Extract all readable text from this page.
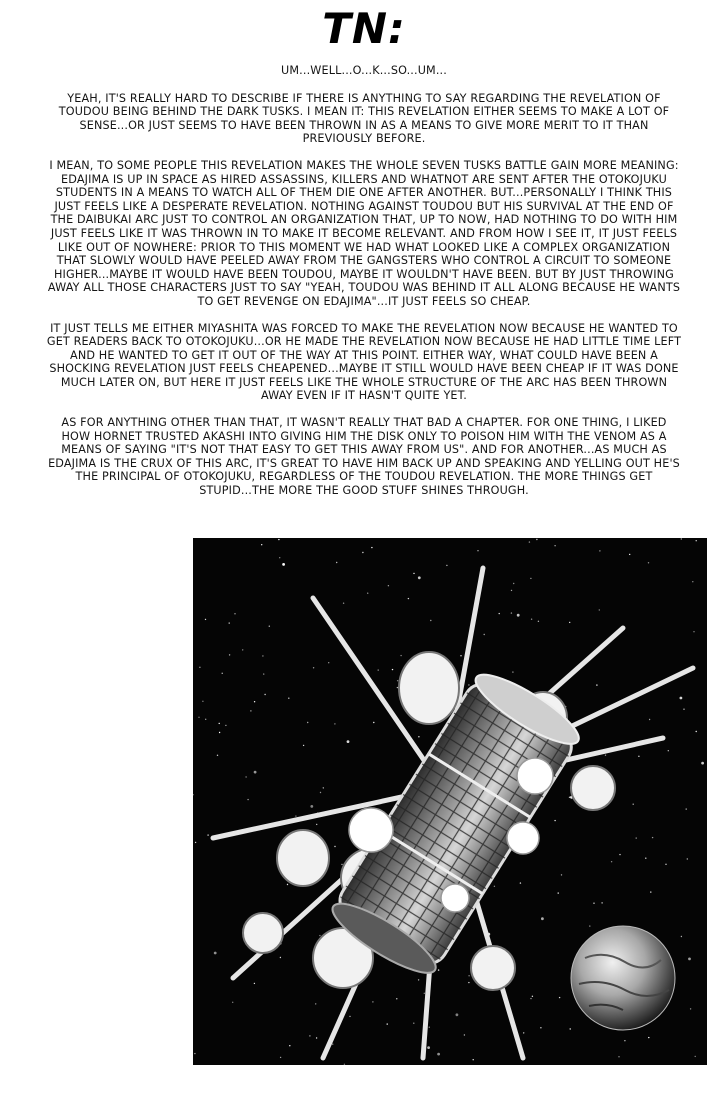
TN:

UM...WELL...O...K...SO...UM...

YEAH, IT'S REALLY HARD TO DESCRIBE IF THERE IS ANYTHING TO SAY REGARDING THE REVELATION OF TOUDOU BEING BEHIND THE DARK TUSKS. I MEAN IT: THIS REVELATION EITHER SEEMS TO MAKE A LOT OF SENSE...OR JUST SEEMS TO HAVE BEEN THROWN IN AS A MEANS TO GIVE MORE MERIT TO IT THAN PREVIOUSLY BEFORE.

I MEAN, TO SOME PEOPLE THIS REVELATION MAKES THE WHOLE SEVEN TUSKS BATTLE GAIN MORE MEANING: EDAJIMA IS UP IN SPACE AS HIRED ASSASSINS, KILLERS AND WHATNOT ARE SENT AFTER THE OTOKOJUKU STUDENTS IN A MEANS TO WATCH ALL OF THEM DIE ONE AFTER ANOTHER. BUT...PERSONALLY I THINK THIS JUST FEELS LIKE A DESPERATE REVELATION. NOTHING AGAINST TOUDOU BUT HIS SURVIVAL AT THE END OF THE DAIBUKAI ARC JUST TO CONTROL AN ORGANIZATION THAT, UP TO NOW, HAD NOTHING TO DO WITH HIM JUST FEELS LIKE IT WAS THROWN IN TO MAKE IT BECOME RELEVANT. AND FROM HOW I SEE IT, IT JUST FEELS LIKE OUT OF NOWHERE: PRIOR TO THIS MOMENT WE HAD WHAT LOOKED LIKE A COMPLEX ORGANIZATION THAT SLOWLY WOULD HAVE PEELED AWAY FROM THE GANGSTERS WHO CONTROL A CIRCUIT TO SOMEONE HIGHER...MAYBE IT WOULD HAVE BEEN TOUDOU, MAYBE IT WOULDN'T HAVE BEEN. BUT BY JUST THROWING AWAY ALL THOSE CHARACTERS JUST TO SAY "YEAH, TOUDOU WAS BEHIND IT ALL ALONG BECAUSE HE WANTS TO GET REVENGE ON EDAJIMA"...IT JUST FEELS SO CHEAP.

IT JUST TELLS ME EITHER MIYASHITA WAS FORCED TO MAKE THE REVELATION NOW BECAUSE HE WANTED TO GET READERS BACK TO OTOKOJUKU...OR HE MADE THE REVELATION NOW BECAUSE HE HAD LITTLE TIME LEFT AND HE WANTED TO GET IT OUT OF THE WAY AT THIS POINT. EITHER WAY, WHAT COULD HAVE BEEN A SHOCKING REVELATION JUST FEELS CHEAPENED...MAYBE IT STILL WOULD HAVE BEEN CHEAP IF IT WAS DONE MUCH LATER ON, BUT HERE IT JUST FEELS LIKE THE WHOLE STRUCTURE OF THE ARC HAS BEEN THROWN AWAY EVEN IF IT HASN'T QUITE YET.

AS FOR ANYTHING OTHER THAN THAT, IT WASN'T REALLY THAT BAD A CHAPTER. FOR ONE THING, I LIKED HOW HORNET TRUSTED AKASHI INTO GIVING HIM THE DISK ONLY TO POISON HIM WITH THE VENOM AS A MEANS OF SAYING "IT'S NOT THAT EASY TO GET THIS AWAY FROM US". AND FOR ANOTHER...AS MUCH AS EDAJIMA IS THE CRUX OF THIS ARC, IT'S GREAT TO HAVE HIM BACK UP AND SPEAKING AND YELLING OUT HE'S THE PRINCIPAL OF OTOKOJUKU, REGARDLESS OF THE TOUDOU REVELATION. THE MORE THINGS GET STUPID...THE MORE THE GOOD STUFF SHINES THROUGH.
